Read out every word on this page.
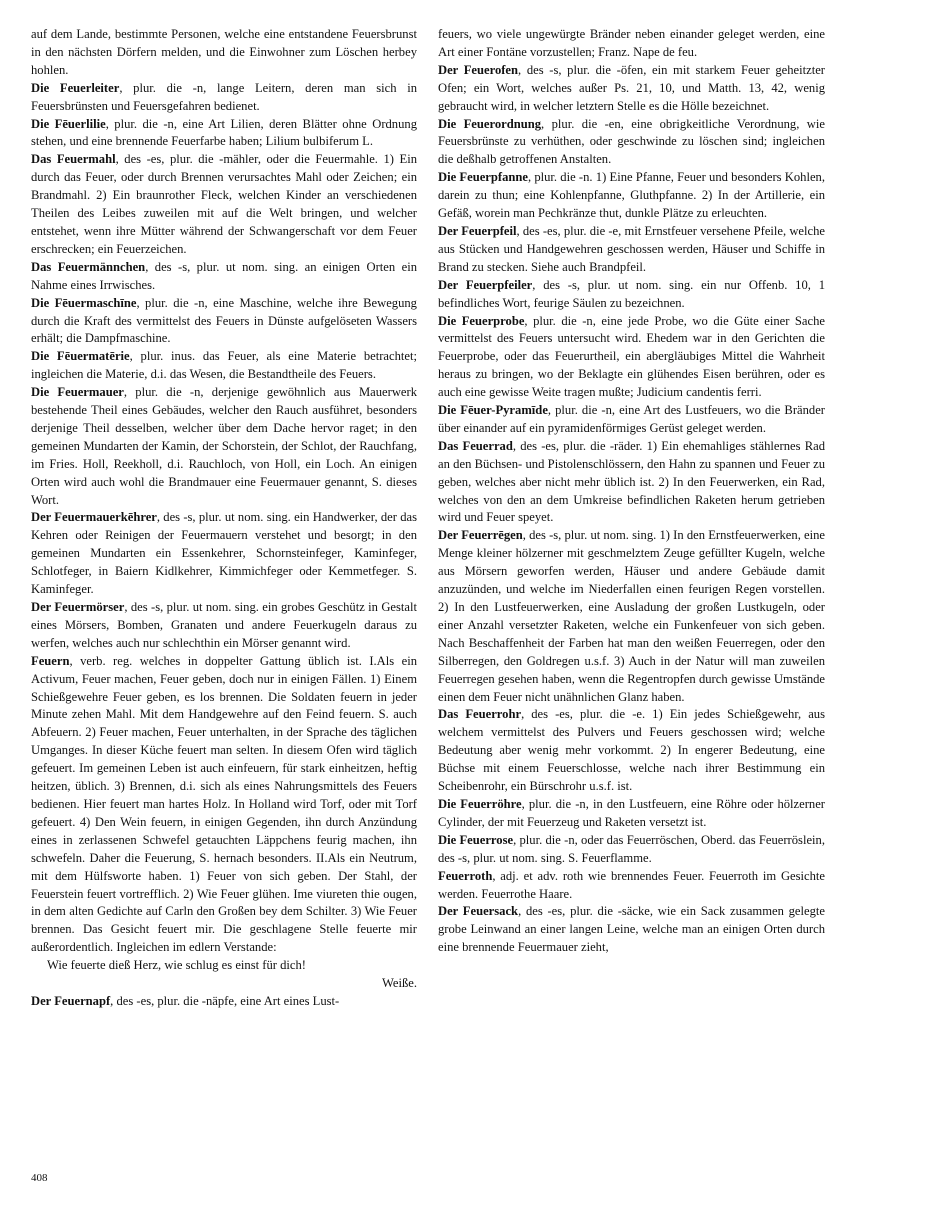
auf dem Lande, bestimmte Personen, welche eine entstandene Feuersbrunst in den nächsten Dörfern melden, und die Einwohner zum Löschen herbey hohlen.

Die Feuerleiter, plur. die -n, lange Leitern, deren man sich in Feuersbrünsten und Feuersgefahren bedienet.

Die Fēuerlilie, plur. die -n, eine Art Lilien, deren Blätter ohne Ordnung stehen, und eine brennende Feuerfarbe haben; Lilium bulbiferum L.

Das Feuermahl, des -es, plur. die -mähler, oder die Feuermahle. 1) Ein durch das Feuer, oder durch Brennen verursachtes Mahl oder Zeichen; ein Brandmahl. 2) Ein braunrother Fleck, welchen Kinder an verschiedenen Theilen des Leibes zuweilen mit auf die Welt bringen, und welcher entstehet, wenn ihre Mütter während der Schwangerschaft vor dem Feuer erschrecken; ein Feuerzeichen.

Das Feuermännchen, des -s, plur. ut nom. sing. an einigen Orten ein Nahme eines Irrwisches.

Die Fēuermaschīne, plur. die -n, eine Maschine, welche ihre Bewegung durch die Kraft des vermittelst des Feuers in Dünste aufgelöseten Wassers erhält; die Dampfmaschine.

Die Fēuermatērie, plur. inus. das Feuer, als eine Materie betrachtet; ingleichen die Materie, d.i. das Wesen, die Bestandtheile des Feuers.

Die Feuermauer, plur. die -n, derjenige gewöhnlich aus Mauerwerk bestehende Theil eines Gebäudes, welcher den Rauch ausführet, besonders derjenige Theil desselben, welcher über dem Dache hervor raget; in den gemeinen Mundarten der Kamin, der Schorstein, der Schlot, der Rauchfang, im Fries. Holl, Reekholl, d.i. Rauchloch, von Holl, ein Loch. An einigen Orten wird auch wohl die Brandmauer eine Feuermauer genannt, S. dieses Wort.

Der Feuermauerkēhrer, des -s, plur. ut nom. sing. ein Handwerker, der das Kehren oder Reinigen der Feuermauern verstehet und besorgt; in den gemeinen Mundarten ein Essenkehrer, Schornsteinfeger, Kaminfeger, Schlotfeger, in Baiern Kidlkehrer, Kimmichfeger oder Kemmetfeger. S. Kaminfeger.

Der Feuermörser, des -s, plur. ut nom. sing. ein grobes Geschütz in Gestalt eines Mörsers, Bomben, Granaten und andere Feuerkugeln daraus zu werfen, welches auch nur schlechthin ein Mörser genannt wird.

Feuern, verb. reg. welches in doppelter Gattung üblich ist. I.Als ein Activum, Feuer machen, Feuer geben, doch nur in einigen Fällen. 1) Einem Schießgewehre Feuer geben, es los brennen. Die Soldaten feuern in jeder Minute zehen Mahl. Mit dem Handgewehre auf den Feind feuern. S. auch Abfeuern. 2) Feuer machen, Feuer unterhalten, in der Sprache des täglichen Umganges. In dieser Küche feuert man selten. In diesem Ofen wird täglich gefeuert. Im gemeinen Leben ist auch einfeuern, für stark einheitzen, heftig heitzen, üblich. 3) Brennen, d.i. sich als eines Nahrungsmittels des Feuers bedienen. Hier feuert man hartes Holz. In Holland wird Torf, oder mit Torf gefeuert. 4) Den Wein feuern, in einigen Gegenden, ihn durch Anzündung eines in zerlassenen Schwefel getauchten Läppchens feurig machen, ihn schwefeln. Daher die Feuerung, S. hernach besonders. II.Als ein Neutrum, mit dem Hülfsworte haben. 1) Feuer von sich geben. Der Stahl, der Feuerstein feuert vortrefflich. 2) Wie Feuer glühen. Ime viureten thie ougen, in dem alten Gedichte auf Carln den Großen bey dem Schilter. 3) Wie Feuer brennen. Das Gesicht feuert mir. Die geschlagene Stelle feuerte mir außerordentlich. Ingleichen im edlern Verstande:

Wie feuerte dieß Herz, wie schlug es einst für dich!

Weiße.

Der Feuernapf, des -es, plur. die -näpfe, eine Art eines Lust-

feuers, wo viele ungewürgte Bränder neben einander geleget werden, eine Art einer Fontäne vorzustellen; Franz. Nape de feu.

Der Feuerofen, des -s, plur. die -öfen, ein mit starkem Feuer geheitzter Ofen; ein Wort, welches außer Ps. 21, 10, und Matth. 13, 42, wenig gebraucht wird, in welcher letztern Stelle es die Hölle bezeichnet.

Die Feuerordnung, plur. die -en, eine obrigkeitliche Verordnung, wie Feuersbrünste zu verhüthen, oder geschwinde zu löschen sind; ingleichen die deßhalb getroffenen Anstalten.

Die Feuerpfanne, plur. die -n. 1) Eine Pfanne, Feuer und besonders Kohlen, darein zu thun; eine Kohlenpfanne, Gluthpfanne. 2) In der Artillerie, ein Gefäß, worein man Pechkränze thut, dunkle Plätze zu erleuchten.

Der Feuerpfeil, des -es, plur. die -e, mit Ernstfeuer versehene Pfeile, welche aus Stücken und Handgewehren geschossen werden, Häuser und Schiffe in Brand zu stecken. Siehe auch Brandpfeil.

Der Feuerpfeiler, des -s, plur. ut nom. sing. ein nur Offenb. 10, 1 befindliches Wort, feurige Säulen zu bezeichnen.

Die Feuerprobe, plur. die -n, eine jede Probe, wo die Güte einer Sache vermittelst des Feuers untersucht wird. Ehedem war in den Gerichten die Feuerprobe, oder das Feuerurtheil, ein abergläubiges Mittel die Wahrheit heraus zu bringen, wo der Beklagte ein glühendes Eisen berühren, oder es auch eine gewisse Weite tragen mußte; Judicium candentis ferri.

Die Fēuer-Pyramīde, plur. die -n, eine Art des Lustfeuers, wo die Bränder über einander auf ein pyramidenförmiges Gerüst geleget werden.

Das Feuerrad, des -es, plur. die -räder. 1) Ein ehemahliges stählernes Rad an den Büchsen- und Pistolenschlössern, den Hahn zu spannen und Feuer zu geben, welches aber nicht mehr üblich ist. 2) In den Feuerwerken, ein Rad, welches von den an dem Umkreise befindlichen Raketen herum getrieben wird und Feuer speyet.

Der Feuerrēgen, des -s, plur. ut nom. sing. 1) In den Ernstfeuerwerken, eine Menge kleiner hölzerner mit geschmelztem Zeuge gefüllter Kugeln, welche aus Mörsern geworfen werden, Häuser und andere Gebäude damit anzuzünden, und welche im Niederfallen einen feurigen Regen vorstellen. 2) In den Lustfeuerwerken, eine Ausladung der großen Lustkugeln, oder einer Anzahl versetzter Raketen, welche ein Funkenfeuer von sich geben. Nach Beschaffenheit der Farben hat man den weißen Feuerregen, oder den Silberregen, den Goldregen u.s.f. 3) Auch in der Natur will man zuweilen Feuerregen gesehen haben, wenn die Regentropfen durch gewisse Umstände einen dem Feuer nicht unähnlichen Glanz haben.

Das Feuerrohr, des -es, plur. die -e. 1) Ein jedes Schießgewehr, aus welchem vermittelst des Pulvers und Feuers geschossen wird; welche Bedeutung aber wenig mehr vorkommt. 2) In engerer Bedeutung, eine Büchse mit einem Feuerschlosse, welche nach ihrer Bestimmung ein Scheibenrohr, ein Bürschrohr u.s.f. ist.

Die Feuerröhre, plur. die -n, in den Lustfeuern, eine Röhre oder hölzerner Cylinder, der mit Feuerzeug und Raketen versetzt ist.

Die Feuerrose, plur. die -n, oder das Feuerröschen, Oberd. das Feuerröslein, des -s, plur. ut nom. sing. S. Feuerflamme.

Feuerroth, adj. et adv. roth wie brennendes Feuer. Feuerroth im Gesichte werden. Feuerrothe Haare.

Der Feuersack, des -es, plur. die -säcke, wie ein Sack zusammen gelegte grobe Leinwand an einer langen Leine, welche man an einigen Orten durch eine brennende Feuermauer zieht,

408
